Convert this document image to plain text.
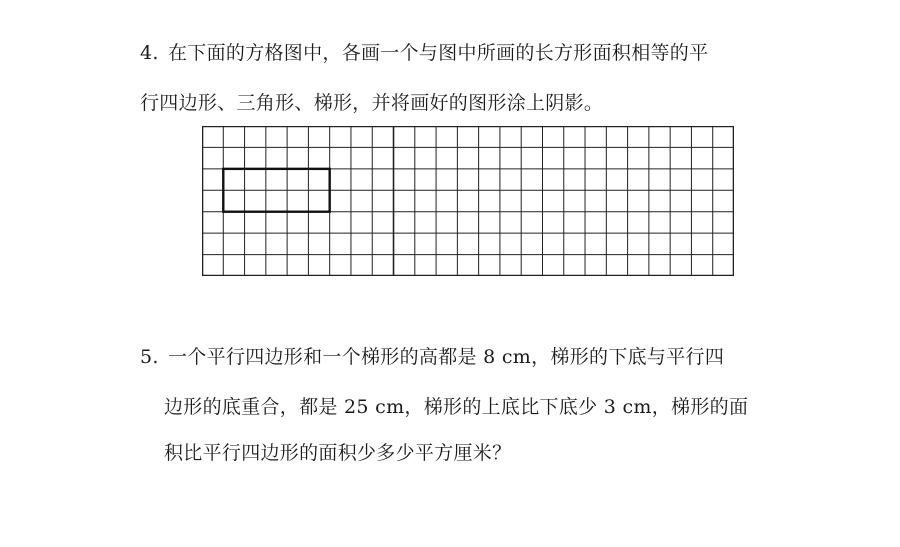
4. 在下面的方格图中，各画一个与图中所画的长方形面积相等的平
行四边形、三角形、梯形，并将画好的图形涂上阴影。
5. 一个平行四边形和一个梯形的高都是 8 cm，梯形的下底与平行四
边形的底重合，都是 25 cm，梯形的上底比下底少 3 cm，梯形的面
积比平行四边形的面积少多少平方厘米？
